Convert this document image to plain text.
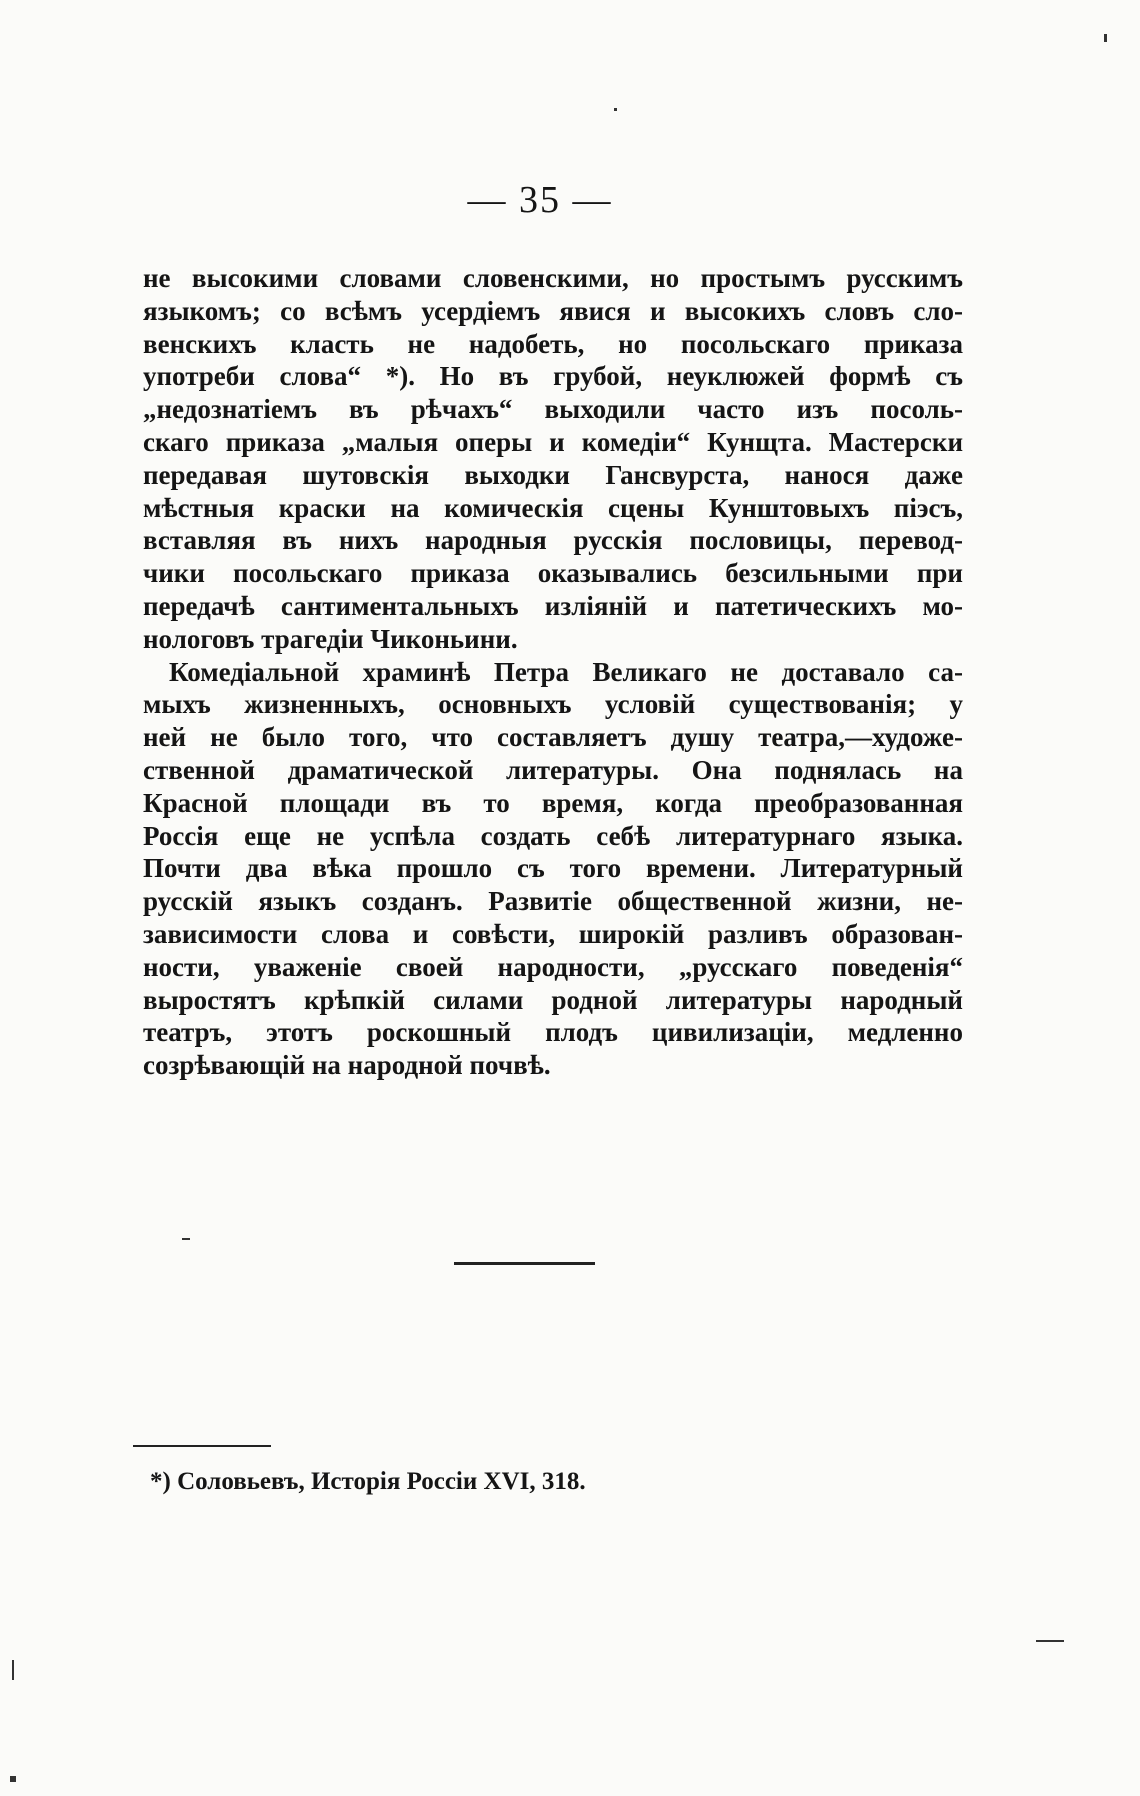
— 35 —
не высокими словами словенскими, но простымъ русскимъ
языкомъ; со всѣмъ усердіемъ явися и высокихъ словъ сло-
венскихъ класть не надобеть, но посольскаго приказа
употреби слова“ *). Но въ грубой, неуклюжей формѣ съ
„недознатіемъ въ рѣчахъ“ выходили часто изъ посоль-
скаго приказа „малыя оперы и комедіи“ Кунщта. Мастерски
передавая шутовскія выходки Гансвурста, нанося даже
мѣстныя краски на комическія сцены Кунштовыхъ піэсъ,
вставляя въ нихъ народныя русскія пословицы, перевод-
чики посольскаго приказа оказывались безсильными при
передачѣ сантиментальныхъ изліяній и патетическихъ мо-
нологовъ трагедіи Чиконьини.
Комедіальной храминѣ Петра Великаго не доставало са-
мыхъ жизненныхъ, основныхъ условій существованія; у
ней не было того, что составляетъ душу театра,—художе-
ственной драматической литературы. Она поднялась на
Красной площади въ то время, когда преобразованная
Россія еще не успѣла создать себѣ литературнаго языка.
Почти два вѣка прошло съ того времени. Литературный
русскій языкъ созданъ. Развитіе общественной жизни, не-
зависимости слова и совѣсти, широкій разливъ образован-
ности, уваженіе своей народности, „русскаго поведенія“
выростятъ крѣпкій силами родной литературы народный
театръ, этотъ роскошный плодъ цивилизаціи, медленно
созрѣвающій на народной почвѣ.
*) Соловьевъ, Исторія Россіи XVI, 318.
